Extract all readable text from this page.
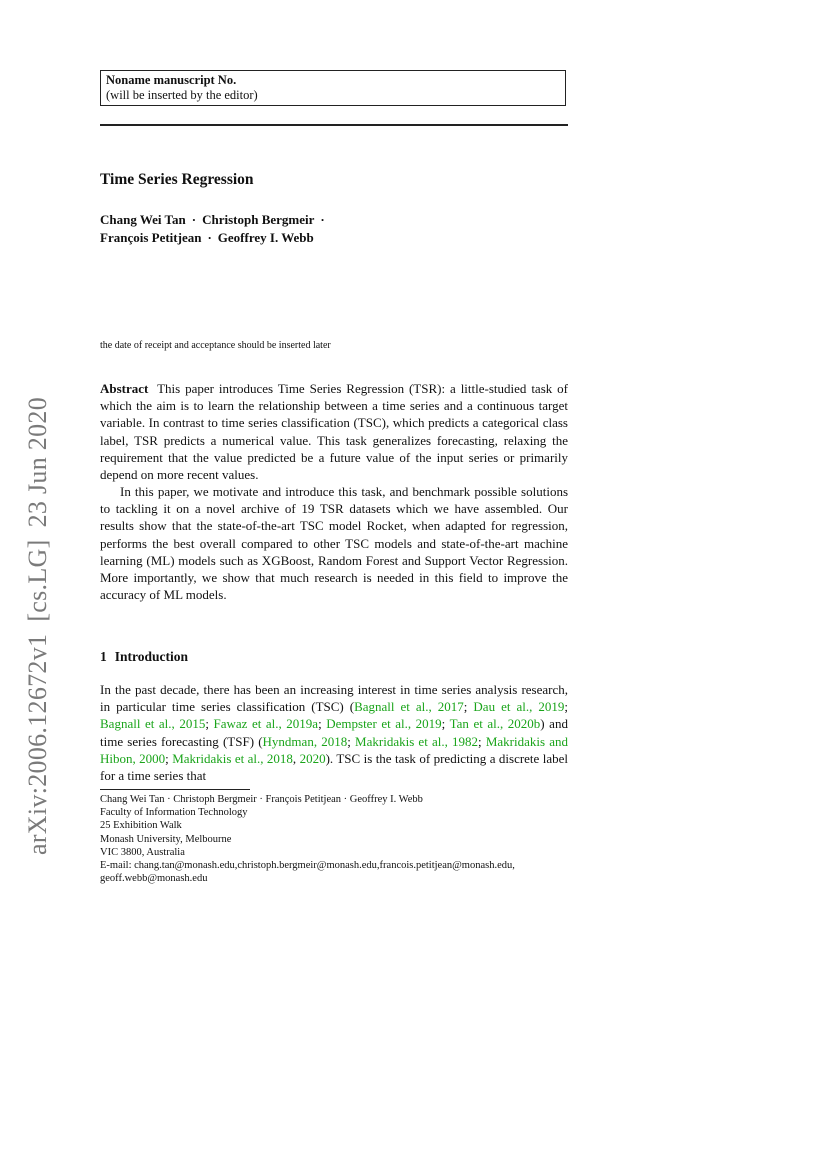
Noname manuscript No.
(will be inserted by the editor)
Time Series Regression
Chang Wei Tan · Christoph Bergmeir ·
François Petitjean · Geoffrey I. Webb
the date of receipt and acceptance should be inserted later

Abstract This paper introduces Time Series Regression (TSR): a little-studied task of which the aim is to learn the relationship between a time series and a continuous target variable. In contrast to time series classification (TSC), which predicts a categorical class label, TSR predicts a numerical value. This task generalizes forecasting, relaxing the requirement that the value predicted be a future value of the input series or primarily depend on more recent values.

In this paper, we motivate and introduce this task, and benchmark possible solutions to tackling it on a novel archive of 19 TSR datasets which we have assembled. Our results show that the state-of-the-art TSC model Rocket, when adapted for regression, performs the best overall compared to other TSC models and state-of-the-art machine learning (ML) models such as XGBoost, Random Forest and Support Vector Regression. More importantly, we show that much research is needed in this field to improve the accuracy of ML models.

1 Introduction

In the past decade, there has been an increasing interest in time series analysis research, in particular time series classification (TSC) (Bagnall et al., 2017; Dau et al., 2019; Bagnall et al., 2015; Fawaz et al., 2019a; Dempster et al., 2019; Tan et al., 2020b) and time series forecasting (TSF) (Hyndman, 2018; Makridakis et al., 1982; Makridakis and Hibon, 2000; Makridakis et al., 2018, 2020). TSC is the task of predicting a discrete label for a time series that

Chang Wei Tan · Christoph Bergmeir · François Petitjean · Geoffrey I. Webb
Faculty of Information Technology
25 Exhibition Walk
Monash University, Melbourne
VIC 3800, Australia
E-mail: chang.tan@monash.edu,christoph.bergmeir@monash.edu,francois.petitjean@monash.edu,
geoff.webb@monash.edu
arXiv:2006.12672v1[cs.LG]23 Jun 2020
